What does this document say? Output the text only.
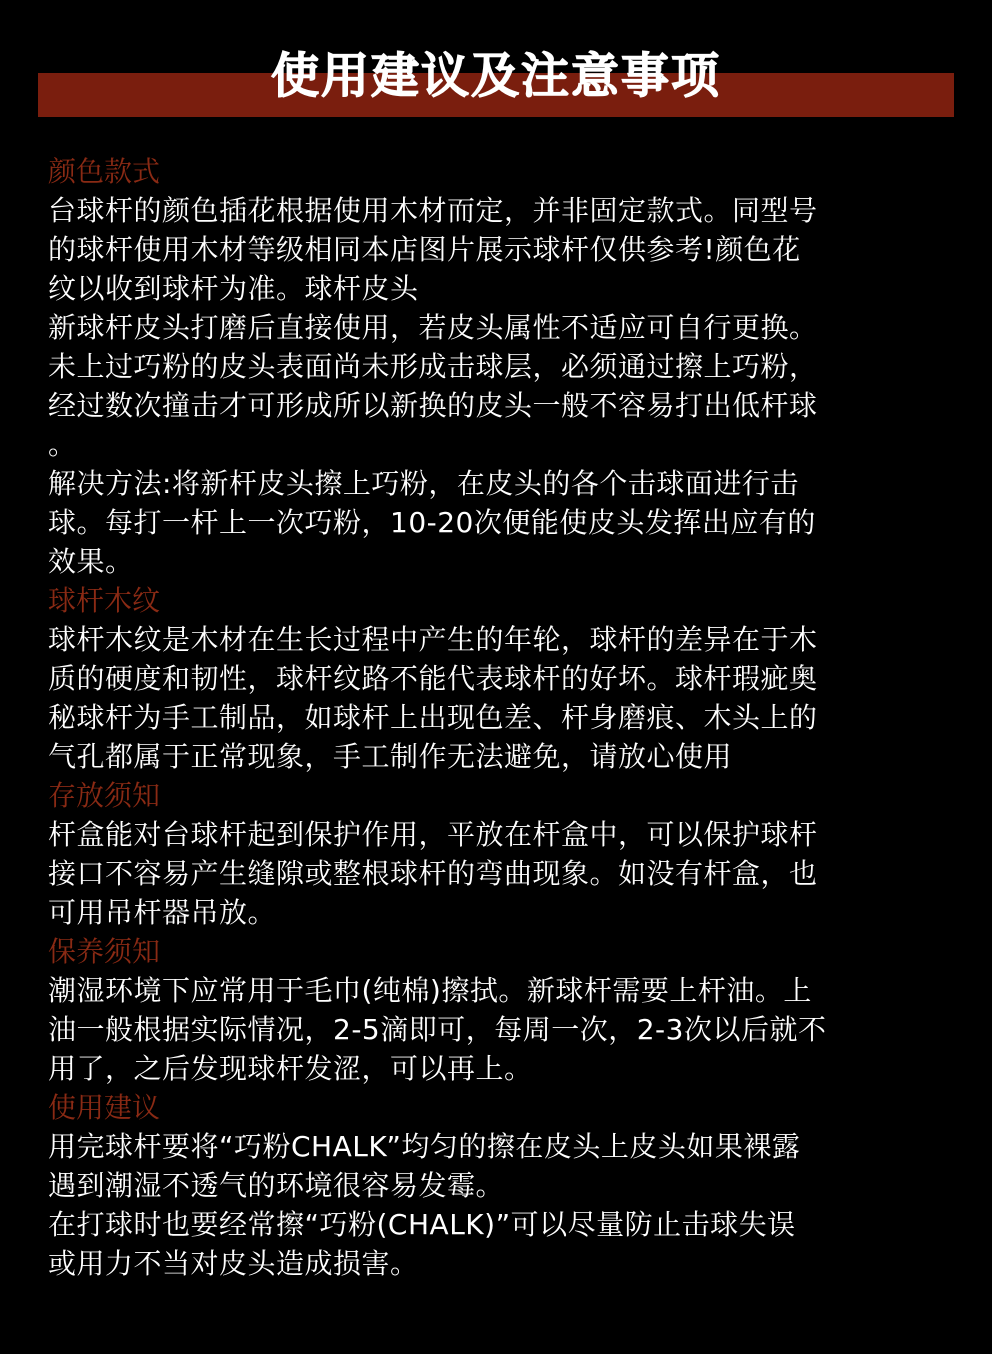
使用建议及注意事项
颜色款式
台球杆的颜色插花根据使用木材而定，并非固定款式。同型号
的球杆使用木材等级相同本店图片展示球杆仅供参考!颜色花
纹以收到球杆为准。球杆皮头
新球杆皮头打磨后直接使用，若皮头属性不适应可自行更换。
未上过巧粉的皮头表面尚未形成击球层，必须通过擦上巧粉，
经过数次撞击才可形成所以新换的皮头一般不容易打出低杆球
。
解决方法:将新杆皮头擦上巧粉，在皮头的各个击球面进行击
球。每打一杆上一次巧粉，10-20次便能使皮头发挥出应有的
效果。
球杆木纹
球杆木纹是木材在生长过程中产生的年轮，球杆的差异在于木
质的硬度和韧性，球杆纹路不能代表球杆的好坏。球杆瑕疵奥
秘球杆为手工制品，如球杆上出现色差、杆身磨痕、木头上的
气孔都属于正常现象，手工制作无法避免，请放心使用
存放须知
杆盒能对台球杆起到保护作用，平放在杆盒中，可以保护球杆
接口不容易产生缝隙或整根球杆的弯曲现象。如没有杆盒，也
可用吊杆器吊放。
保养须知
潮湿环境下应常用于毛巾(纯棉)擦拭。新球杆需要上杆油。上
油一般根据实际情况，2-5滴即可，每周一次，2-3次以后就不
用了，之后发现球杆发涩，可以再上。
使用建议
用完球杆要将“巧粉CHALK”均匀的擦在皮头上皮头如果裸露
遇到潮湿不透气的环境很容易发霉。
在打球时也要经常擦“巧粉(CHALK)”可以尽量防止击球失误
或用力不当对皮头造成损害。
